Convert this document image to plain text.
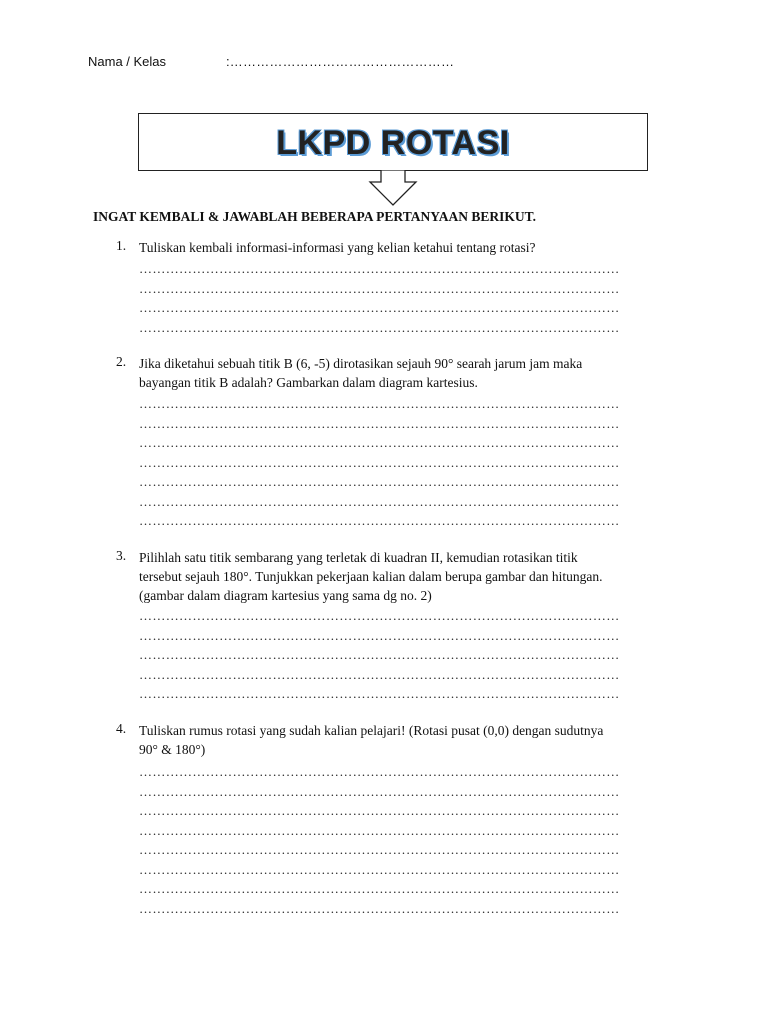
Nama / Kelas	:……………………………………………
LKPD ROTASI
INGAT KEMBALI & JAWABLAH BEBERAPA PERTANYAAN BERIKUT.
1. Tuliskan kembali informasi-informasi yang kelian ketahui tentang rotasi?
………………………………………………………………………………………………
………………………………………………………………………………………………
………………………………………………………………………………………………
………………………………………………………………………………………………
2. Jika diketahui sebuah titik B (6, -5) dirotasikan sejauh 90° searah jarum jam maka
bayangan titik B adalah? Gambarkan dalam diagram kartesius.
………………………………………………………………………………………………
………………………………………………………………………………………………
………………………………………………………………………………………………
………………………………………………………………………………………………
………………………………………………………………………………………………
………………………………………………………………………………………………
………………………………………………………………………………………………
3. Pilihlah satu titik sembarang yang terletak di kuadran II, kemudian rotasikan titik
tersebut sejauh 180°. Tunjukkan pekerjaan kalian dalam berupa gambar dan hitungan.
(gambar dalam diagram kartesius yang sama dg no. 2)
………………………………………………………………………………………………
………………………………………………………………………………………………
………………………………………………………………………………………………
………………………………………………………………………………………………
………………………………………………………………………………………………
4. Tuliskan rumus rotasi yang sudah kalian pelajari! (Rotasi pusat (0,0) dengan sudutnya
90° & 180°)
………………………………………………………………………………………………
………………………………………………………………………………………………
………………………………………………………………………………………………
………………………………………………………………………………………………
………………………………………………………………………………………………
………………………………………………………………………………………………
………………………………………………………………………………………………
………………………………………………………………………………………………
